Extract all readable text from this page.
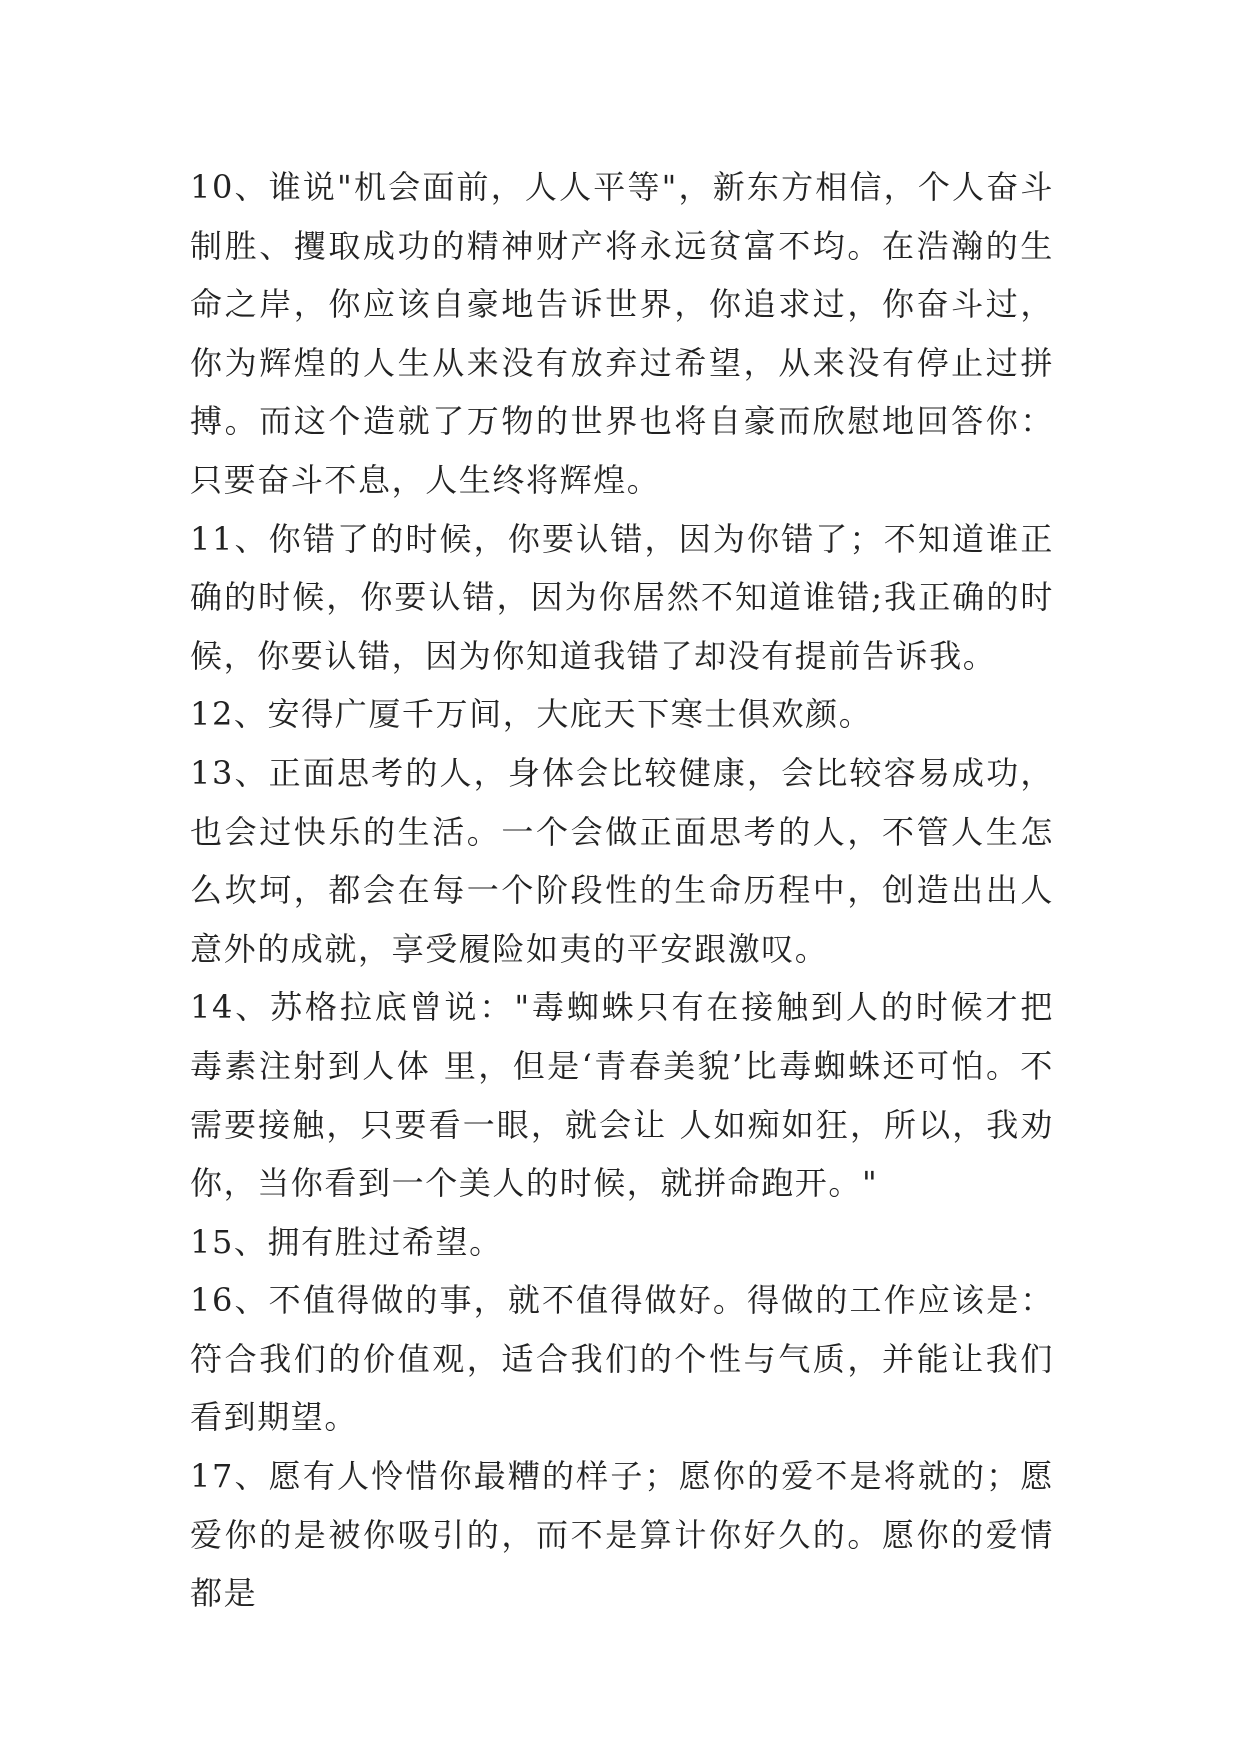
10、谁说"机会面前，人人平等"，新东方相信，个人奋斗制胜、攫取成功的精神财产将永远贫富不均。在浩瀚的生命之岸，你应该自豪地告诉世界，你追求过，你奋斗过，你为辉煌的人生从来没有放弃过希望，从来没有停止过拼搏。而这个造就了万物的世界也将自豪而欣慰地回答你：只要奋斗不息，人生终将辉煌。

11、你错了的时候，你要认错，因为你错了；不知道谁正确的时候，你要认错，因为你居然不知道谁错;我正确的时候，你要认错，因为你知道我错了却没有提前告诉我。

12、安得广厦千万间，大庇天下寒士俱欢颜。

13、正面思考的人，身体会比较健康，会比较容易成功，也会过快乐的生活。一个会做正面思考的人，不管人生怎么坎坷，都会在每一个阶段性的生命历程中，创造出出人意外的成就，享受履险如夷的平安跟激叹。

14、苏格拉底曾说："毒蜘蛛只有在接触到人的时候才把毒素注射到人体 里，但是‘青春美貌’比毒蜘蛛还可怕。不需要接触，只要看一眼，就会让 人如痴如狂，所以，我劝你，当你看到一个美人的时候，就拼命跑开。"

15、拥有胜过希望。

16、不值得做的事，就不值得做好。得做的工作应该是：符合我们的价值观，适合我们的个性与气质，并能让我们看到期望。

17、愿有人怜惜你最糟的样子；愿你的爱不是将就的；愿爱你的是被你吸引的，而不是算计你好久的。愿你的爱情都是
